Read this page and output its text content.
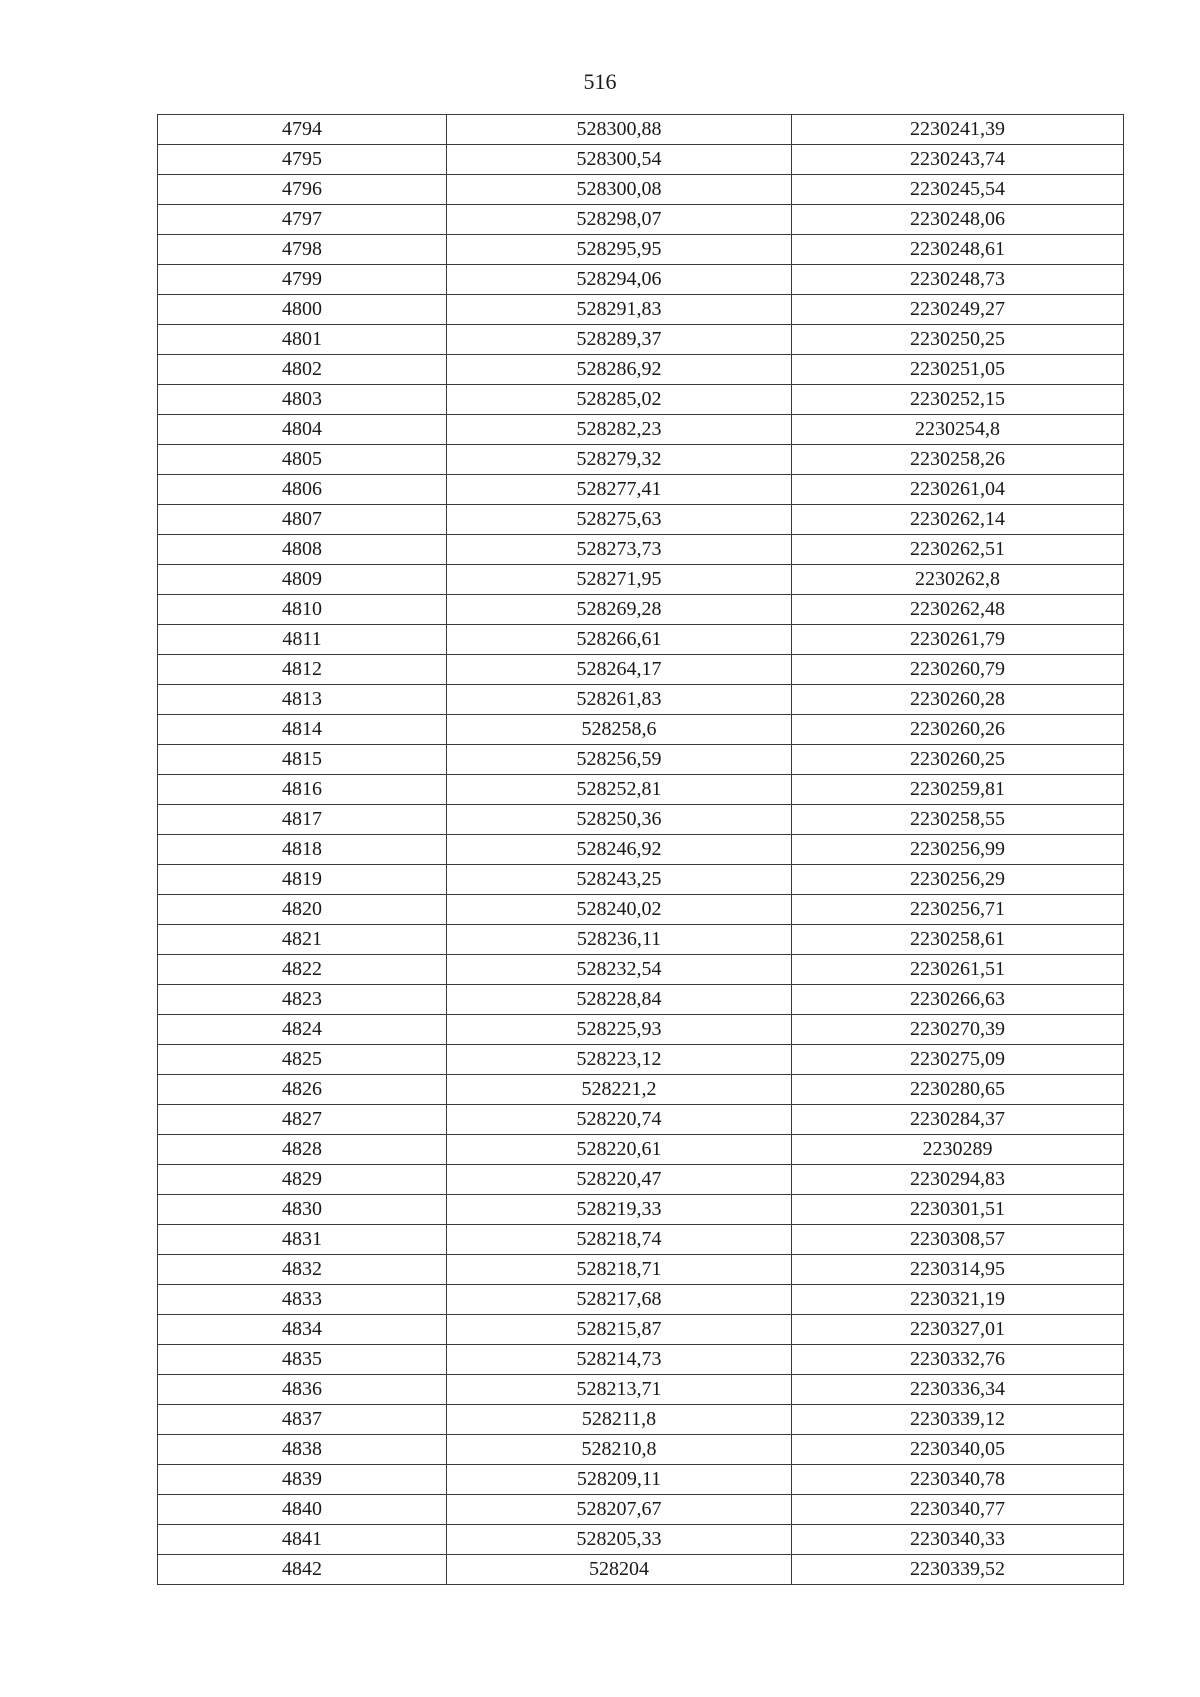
516
4794	528300,88	2230241,39
4795	528300,54	2230243,74
4796	528300,08	2230245,54
4797	528298,07	2230248,06
4798	528295,95	2230248,61
4799	528294,06	2230248,73
4800	528291,83	2230249,27
4801	528289,37	2230250,25
4802	528286,92	2230251,05
4803	528285,02	2230252,15
4804	528282,23	2230254,8
4805	528279,32	2230258,26
4806	528277,41	2230261,04
4807	528275,63	2230262,14
4808	528273,73	2230262,51
4809	528271,95	2230262,8
4810	528269,28	2230262,48
4811	528266,61	2230261,79
4812	528264,17	2230260,79
4813	528261,83	2230260,28
4814	528258,6	2230260,26
4815	528256,59	2230260,25
4816	528252,81	2230259,81
4817	528250,36	2230258,55
4818	528246,92	2230256,99
4819	528243,25	2230256,29
4820	528240,02	2230256,71
4821	528236,11	2230258,61
4822	528232,54	2230261,51
4823	528228,84	2230266,63
4824	528225,93	2230270,39
4825	528223,12	2230275,09
4826	528221,2	2230280,65
4827	528220,74	2230284,37
4828	528220,61	2230289
4829	528220,47	2230294,83
4830	528219,33	2230301,51
4831	528218,74	2230308,57
4832	528218,71	2230314,95
4833	528217,68	2230321,19
4834	528215,87	2230327,01
4835	528214,73	2230332,76
4836	528213,71	2230336,34
4837	528211,8	2230339,12
4838	528210,8	2230340,05
4839	528209,11	2230340,78
4840	528207,67	2230340,77
4841	528205,33	2230340,33
4842	528204	2230339,52
